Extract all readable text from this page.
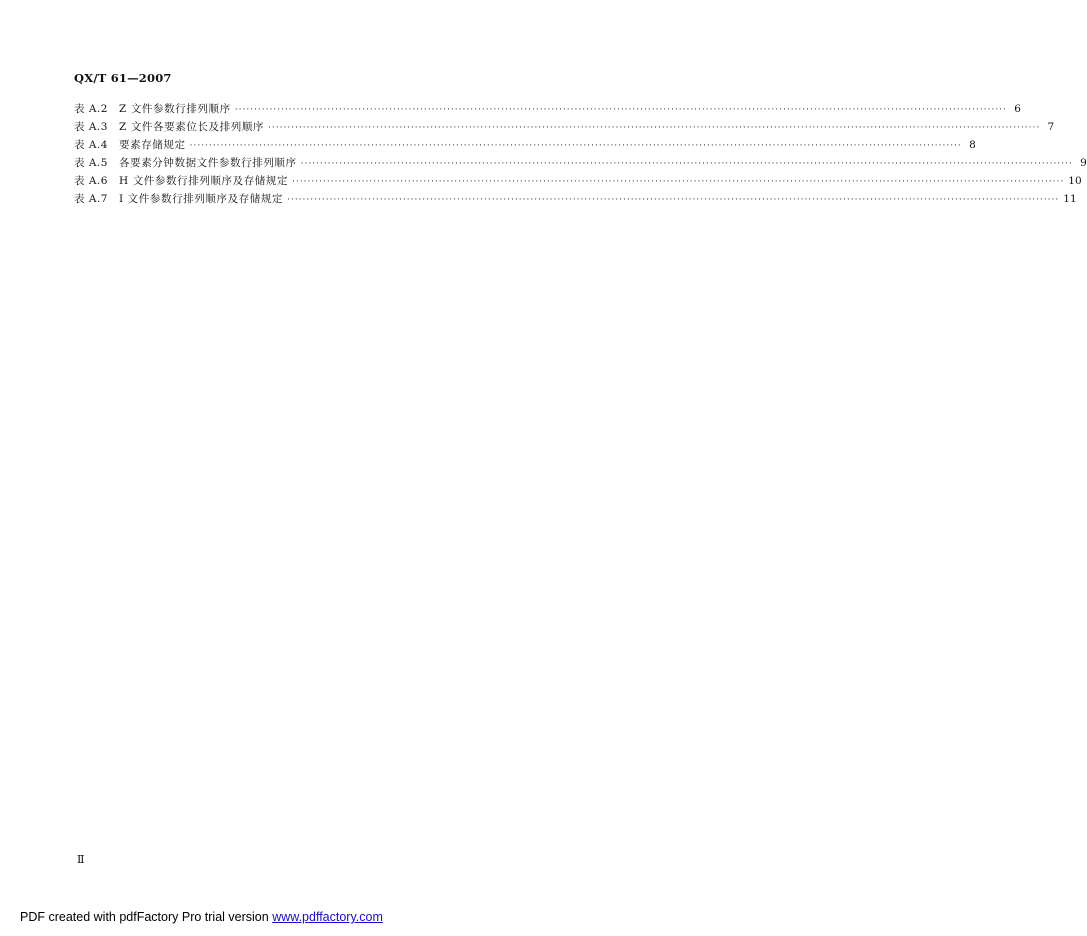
QX/T 61—2007
表 A.2	Z 文件参数行排列顺序 ········································································································································································································ 6
表 A.3	Z 文件各要素位长及排列顺序 ········································································································································································································ 7
表 A.4	要素存储规定 ········································································································································································································ 8
表 A.5	各要素分钟数据文件参数行排列顺序 ········································································································································································································ 9
表 A.6	H 文件参数行排列顺序及存储规定 ········································································································································································································ 10
表 A.7	I 文件参数行排列顺序及存储规定 ········································································································································································································ 11
Ⅱ
PDF created with pdfFactory Pro trial version www.pdffactory.com
